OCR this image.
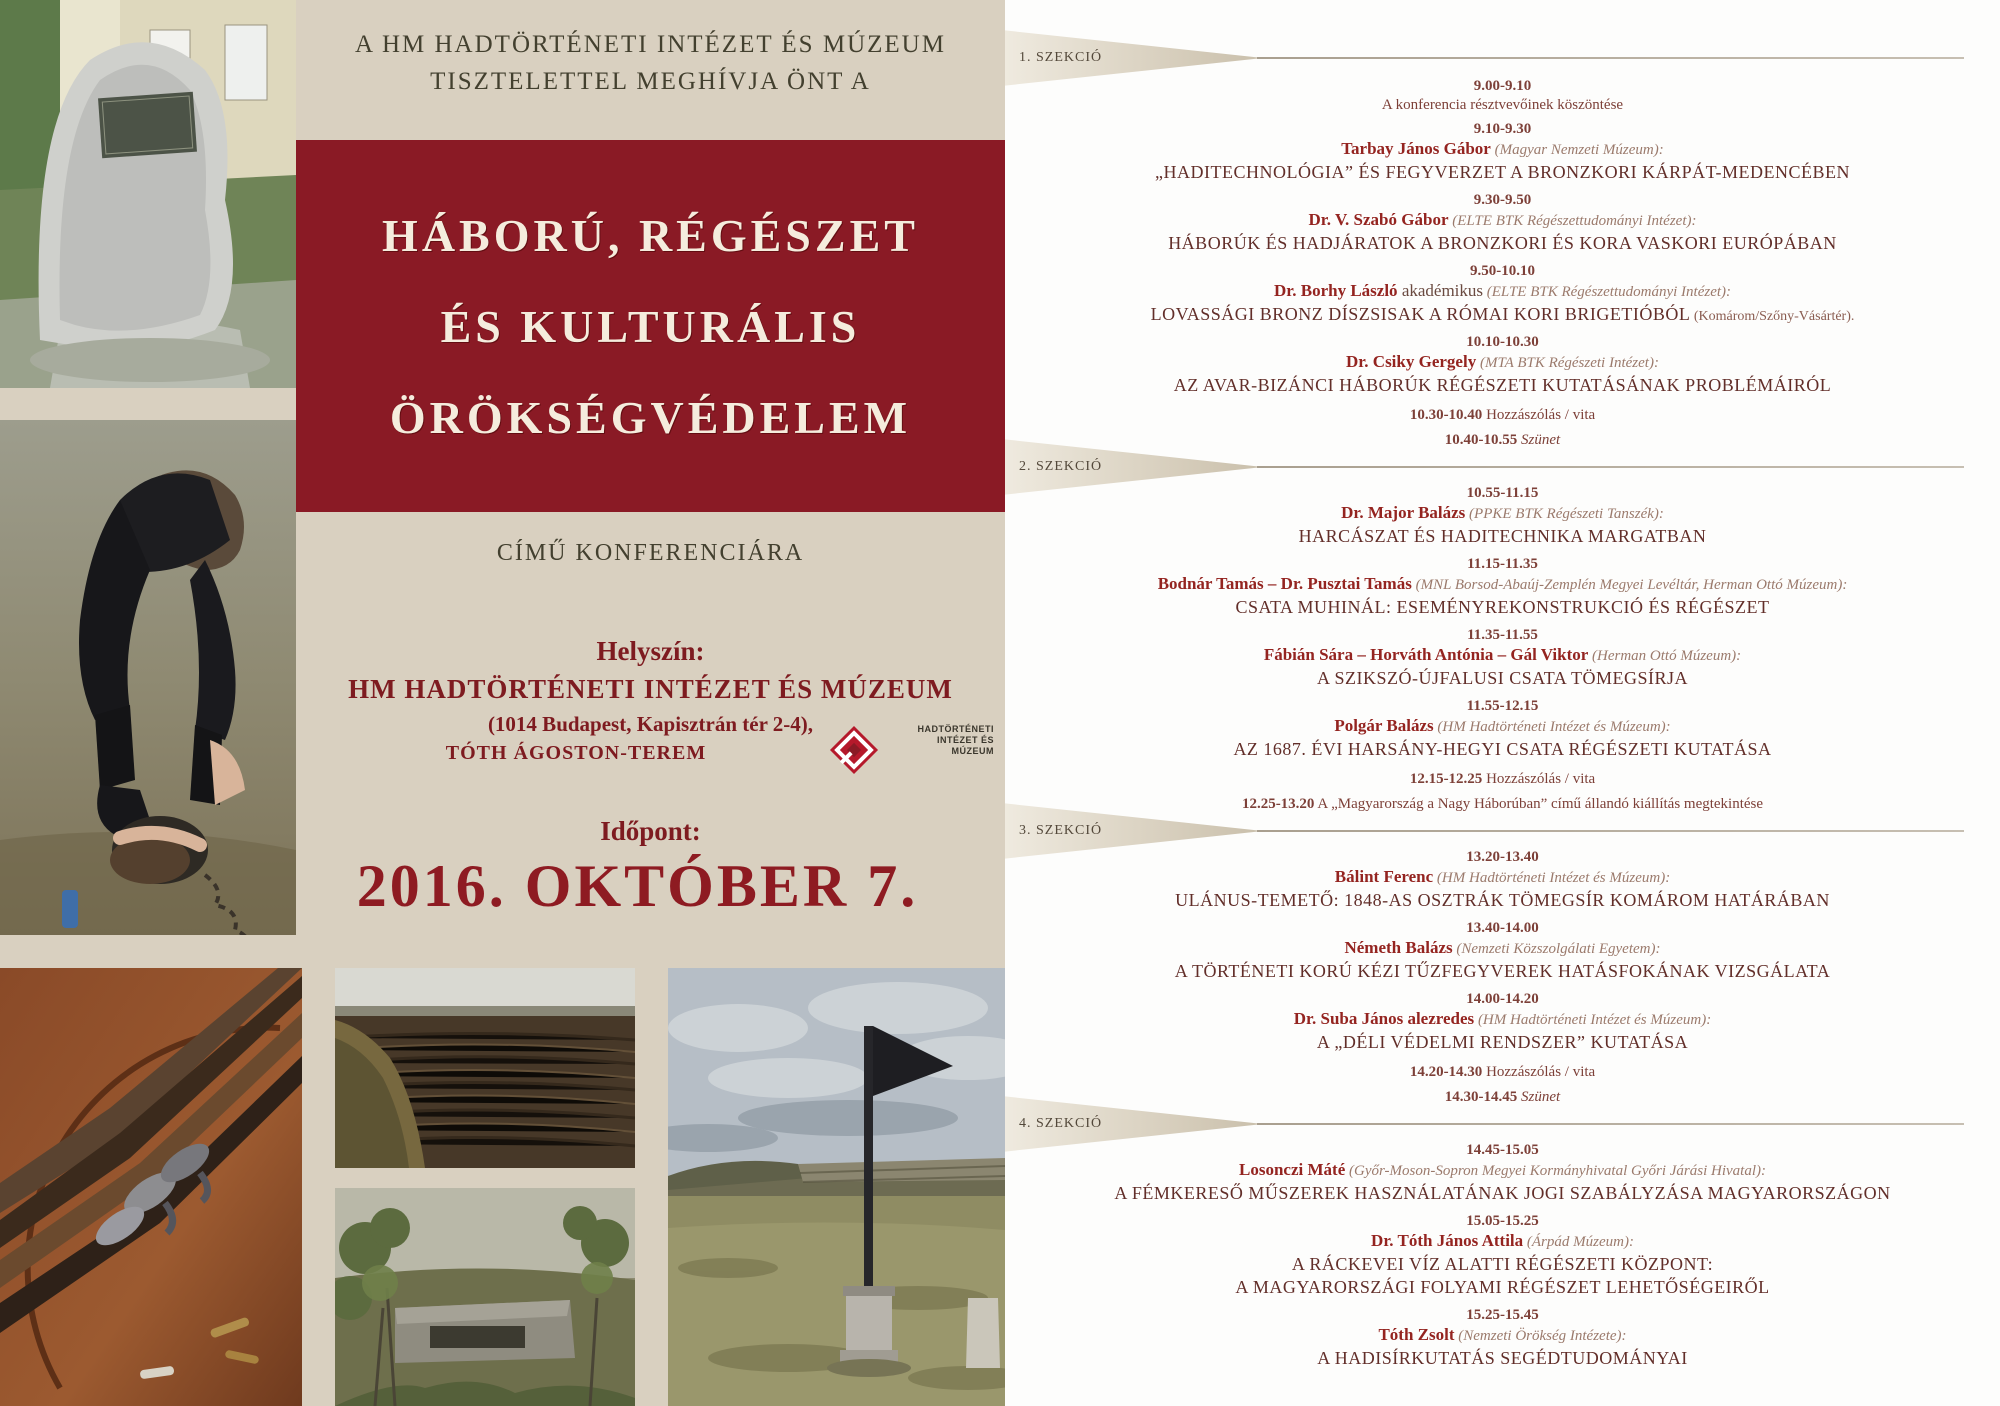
A HM HADTÖRTÉNETI INTÉZET ÉS MÚZEUM
TISZTELETTEL MEGHÍVJA ÖNT A
HÁBORÚ, RÉGÉSZET
ÉS KULTURÁLIS
ÖRÖKSÉGVÉDELEM
CÍMŰ KONFERENCIÁRA
Helyszín:
HM HADTÖRTÉNETI INTÉZET ÉS MÚZEUM
(1014 Budapest, Kapisztrán tér 2-4),
TÓTH ÁGOSTON-TEREM
HADTÖRTÉNETI
INTÉZET ÉS
MÚZEUM
Időpont:
2016. OKTÓBER 7.
1. SZEKCIÓ
9.00-9.10
A konferencia résztvevőinek köszöntése
9.10-9.30
Tarbay János Gábor (Magyar Nemzeti Múzeum):
„HADITECHNOLÓGIA” ÉS FEGYVERZET A BRONZKORI KÁRPÁT-MEDENCÉBEN
9.30-9.50
Dr. V. Szabó Gábor (ELTE BTK Régészettudományi Intézet):
HÁBORÚK ÉS HADJÁRATOK A BRONZKORI ÉS KORA VASKORI EURÓPÁBAN
9.50-10.10
Dr. Borhy László akadémikus (ELTE BTK Régészettudományi Intézet):
LOVASSÁGI BRONZ DÍSZSISAK A RÓMAI KORI BRIGETIÓBÓL (Komárom/Szőny-Vásártér).
10.10-10.30
Dr. Csiky Gergely (MTA BTK Régészeti Intézet):
AZ AVAR-BIZÁNCI HÁBORÚK RÉGÉSZETI KUTATÁSÁNAK PROBLÉMÁIRÓL
10.30-10.40 Hozzászólás / vita
10.40-10.55 Szünet
2. SZEKCIÓ
10.55-11.15
Dr. Major Balázs (PPKE BTK Régészeti Tanszék):
HARCÁSZAT ÉS HADITECHNIKA MARGATBAN
11.15-11.35
Bodnár Tamás – Dr. Pusztai Tamás (MNL Borsod-Abaúj-Zemplén Megyei Levéltár, Herman Ottó Múzeum):
CSATA MUHINÁL: ESEMÉNYREKONSTRUKCIÓ ÉS RÉGÉSZET
11.35-11.55
Fábián Sára – Horváth Antónia – Gál Viktor (Herman Ottó Múzeum):
A SZIKSZÓ-ÚJFALUSI CSATA TÖMEGSÍRJA
11.55-12.15
Polgár Balázs (HM Hadtörténeti Intézet és Múzeum):
AZ 1687. ÉVI HARSÁNY-HEGYI CSATA RÉGÉSZETI KUTATÁSA
12.15-12.25 Hozzászólás / vita
12.25-13.20 A „Magyarország a Nagy Háborúban” című állandó kiállítás megtekintése
3. SZEKCIÓ
13.20-13.40
Bálint Ferenc (HM Hadtörténeti Intézet és Múzeum):
ULÁNUS-TEMETŐ: 1848-AS OSZTRÁK TÖMEGSÍR KOMÁROM HATÁRÁBAN
13.40-14.00
Németh Balázs (Nemzeti Közszolgálati Egyetem):
A TÖRTÉNETI KORÚ KÉZI TŰZFEGYVEREK HATÁSFOKÁNAK VIZSGÁLATA
14.00-14.20
Dr. Suba János alezredes (HM Hadtörténeti Intézet és Múzeum):
A „DÉLI VÉDELMI RENDSZER” KUTATÁSA
14.20-14.30 Hozzászólás / vita
14.30-14.45 Szünet
4. SZEKCIÓ
14.45-15.05
Losonczi Máté (Győr-Moson-Sopron Megyei Kormányhivatal Győri Járási Hivatal):
A FÉMKERESŐ MŰSZEREK HASZNÁLATÁNAK JOGI SZABÁLYZÁSA MAGYARORSZÁGON
15.05-15.25
Dr. Tóth János Attila (Árpád Múzeum):
A RÁCKEVEI VÍZ ALATTI RÉGÉSZETI KÖZPONT:
A MAGYARORSZÁGI FOLYAMI RÉGÉSZET LEHETŐSÉGEIRŐL
15.25-15.45
Tóth Zsolt (Nemzeti Örökség Intézete):
A HADISÍRKUTATÁS SEGÉDTUDOMÁNYAI
